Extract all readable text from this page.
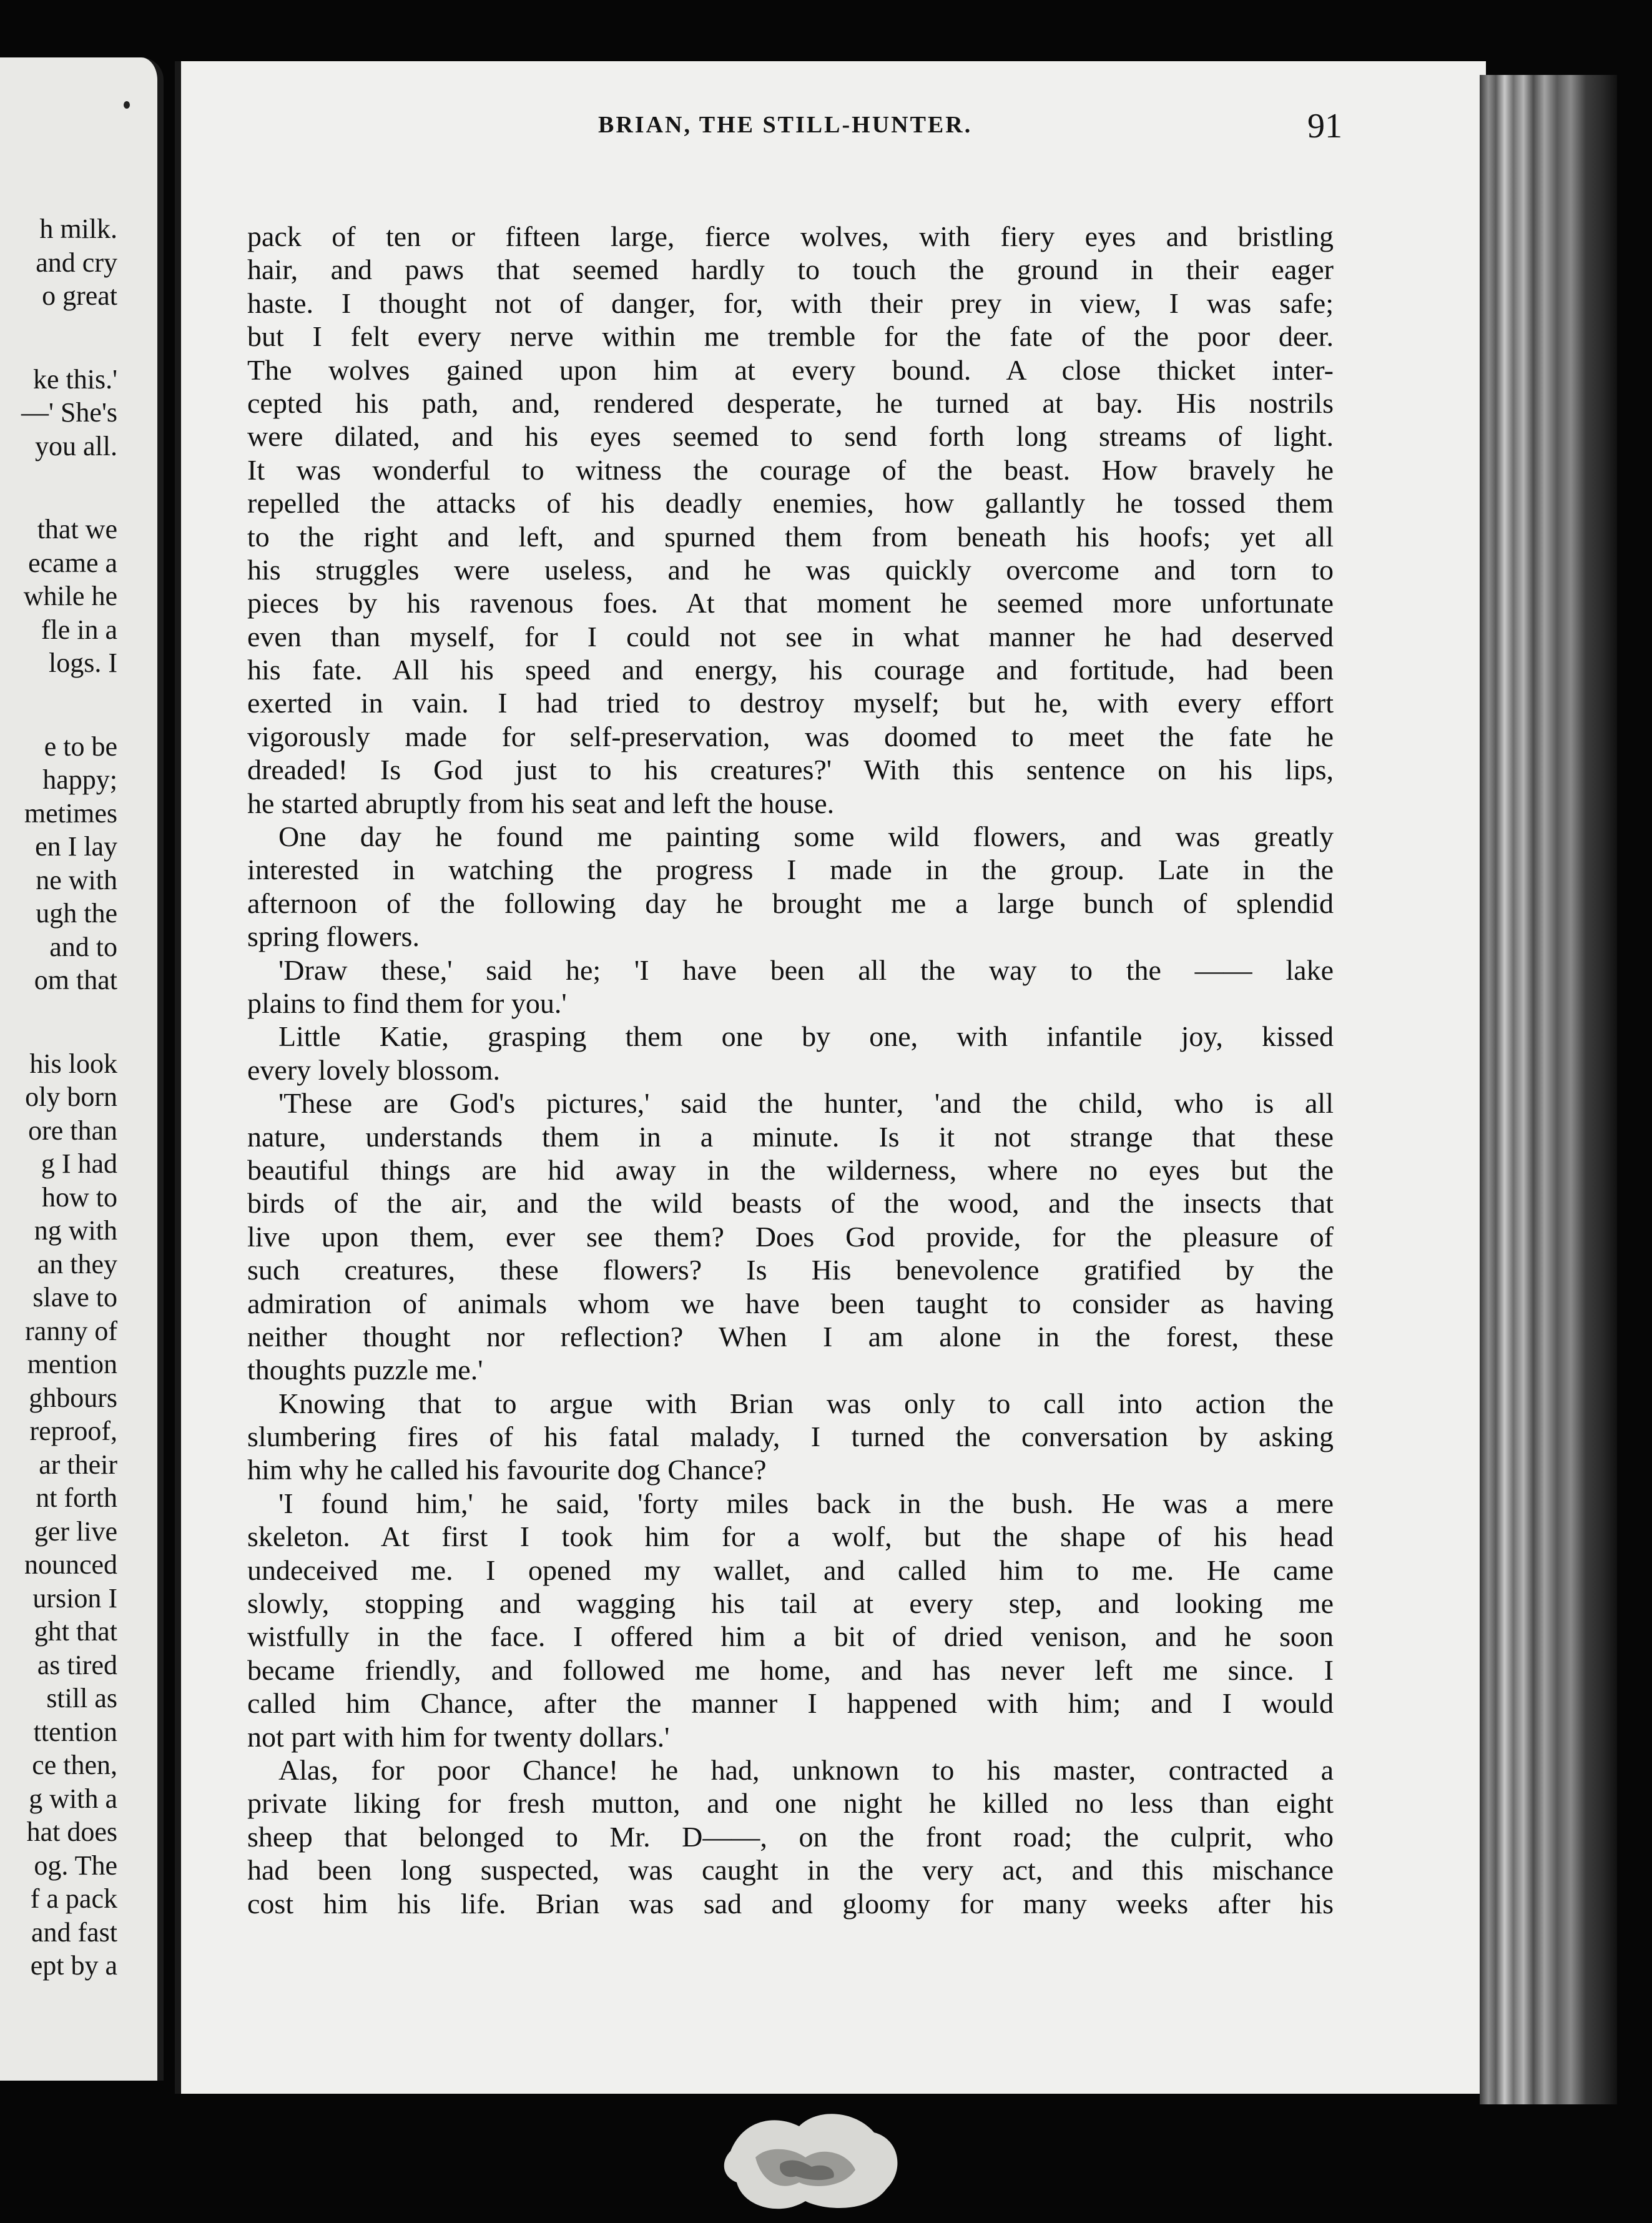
h milk.
and cry
o great
ke this.'
—' She's
you all.
that we
ecame a
while he
fle in a
logs. I
e to be
happy;
metimes
en I lay
ne with
ugh the
and to
om that
his look
oly born
ore than
g I had
how to
ng with
an they
slave to
ranny of
mention
ghbours
reproof,
ar their
nt forth
ger live
nounced
ursion I
ght that
as tired
still as
ttention
ce then,
g with a
hat does
og. The
f a pack
and fast
ept by a
BRIAN, THE STILL-HUNTER.	91
pack of ten or fifteen large, fierce wolves, with fiery eyes and bristling
hair, and paws that seemed hardly to touch the ground in their eager
haste. I thought not of danger, for, with their prey in view, I was safe;
but I felt every nerve within me tremble for the fate of the poor deer.
The wolves gained upon him at every bound. A close thicket inter-
cepted his path, and, rendered desperate, he turned at bay. His nostrils
were dilated, and his eyes seemed to send forth long streams of light.
It was wonderful to witness the courage of the beast. How bravely he
repelled the attacks of his deadly enemies, how gallantly he tossed them
to the right and left, and spurned them from beneath his hoofs; yet all
his struggles were useless, and he was quickly overcome and torn to
pieces by his ravenous foes. At that moment he seemed more unfortunate
even than myself, for I could not see in what manner he had deserved
his fate. All his speed and energy, his courage and fortitude, had been
exerted in vain. I had tried to destroy myself; but he, with every effort
vigorously made for self-preservation, was doomed to meet the fate he
dreaded! Is God just to his creatures?' With this sentence on his lips,
he started abruptly from his seat and left the house.
One day he found me painting some wild flowers, and was greatly
interested in watching the progress I made in the group. Late in the
afternoon of the following day he brought me a large bunch of splendid
spring flowers.
'Draw these,' said he; 'I have been all the way to the —— lake
plains to find them for you.'
Little Katie, grasping them one by one, with infantile joy, kissed
every lovely blossom.
'These are God's pictures,' said the hunter, 'and the child, who is all
nature, understands them in a minute. Is it not strange that these
beautiful things are hid away in the wilderness, where no eyes but the
birds of the air, and the wild beasts of the wood, and the insects that
live upon them, ever see them? Does God provide, for the pleasure of
such creatures, these flowers? Is His benevolence gratified by the
admiration of animals whom we have been taught to consider as having
neither thought nor reflection? When I am alone in the forest, these
thoughts puzzle me.'
Knowing that to argue with Brian was only to call into action the
slumbering fires of his fatal malady, I turned the conversation by asking
him why he called his favourite dog Chance?
'I found him,' he said, 'forty miles back in the bush. He was a mere
skeleton. At first I took him for a wolf, but the shape of his head
undeceived me. I opened my wallet, and called him to me. He came
slowly, stopping and wagging his tail at every step, and looking me
wistfully in the face. I offered him a bit of dried venison, and he soon
became friendly, and followed me home, and has never left me since. I
called him Chance, after the manner I happened with him; and I would
not part with him for twenty dollars.'
Alas, for poor Chance! he had, unknown to his master, contracted a
private liking for fresh mutton, and one night he killed no less than eight
sheep that belonged to Mr. D——, on the front road; the culprit, who
had been long suspected, was caught in the very act, and this mischance
cost him his life. Brian was sad and gloomy for many weeks after his
